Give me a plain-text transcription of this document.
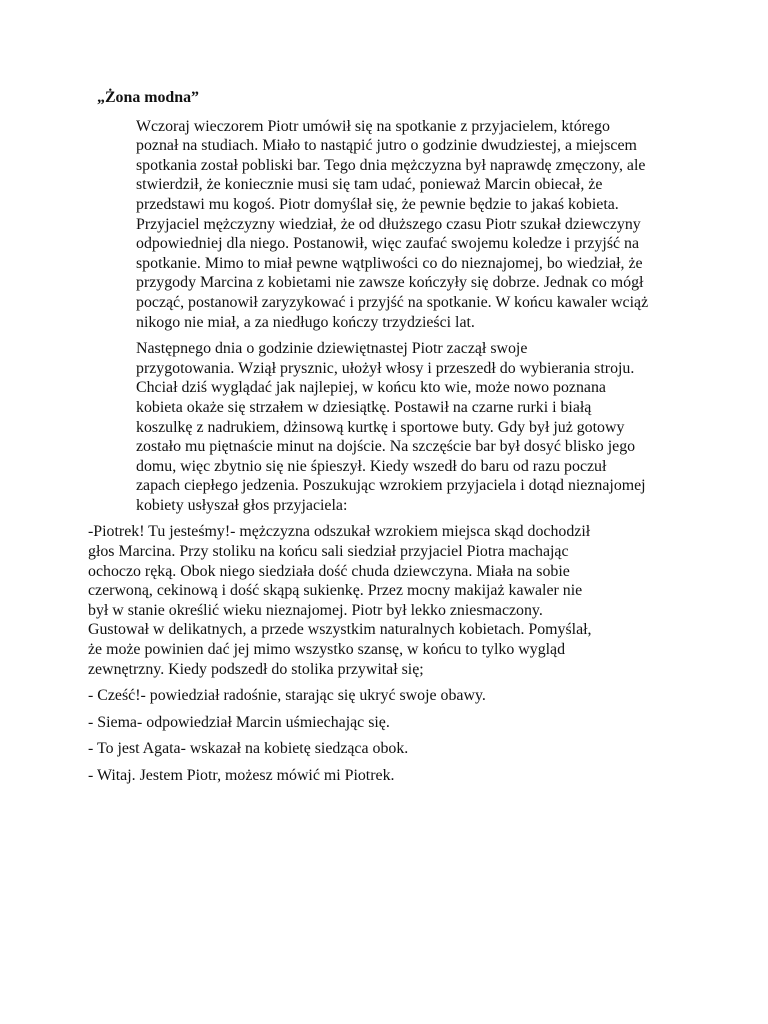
„Żona modna”
Wczoraj wieczorem Piotr umówił się na spotkanie z przyjacielem, którego
poznał na studiach. Miało to nastąpić jutro o godzinie dwudziestej, a miejscem
spotkania został pobliski bar. Tego dnia mężczyzna był naprawdę zmęczony, ale
stwierdził, że koniecznie musi się tam udać, ponieważ Marcin obiecał, że
przedstawi mu kogoś. Piotr domyślał się, że pewnie będzie to jakaś kobieta.
Przyjaciel mężczyzny wiedział, że od dłuższego czasu Piotr szukał dziewczyny
odpowiedniej dla niego. Postanowił, więc zaufać swojemu koledze i przyjść na
spotkanie. Mimo to miał pewne wątpliwości co do nieznajomej, bo wiedział, że
przygody Marcina z kobietami nie zawsze kończyły się dobrze. Jednak co mógł
począć, postanowił zaryzykować i przyjść na spotkanie. W końcu kawaler wciąż
nikogo nie miał, a za niedługo kończy trzydzieści lat.
Następnego dnia o godzinie dziewiętnastej Piotr zaczął swoje
przygotowania. Wziął prysznic, ułożył włosy i przeszedł do wybierania stroju.
Chciał dziś wyglądać jak najlepiej, w końcu kto wie, może nowo poznana
kobieta okaże się strzałem w dziesiątkę. Postawił na czarne rurki i białą
koszulkę z nadrukiem, dżinsową kurtkę i sportowe buty. Gdy był już gotowy
zostało mu piętnaście minut na dojście. Na szczęście bar był dosyć blisko jego
domu, więc zbytnio się nie śpieszył. Kiedy wszedł do baru od razu poczuł
zapach ciepłego jedzenia. Poszukując wzrokiem przyjaciela i dotąd nieznajomej
kobiety usłyszał głos przyjaciela:
-Piotrek! Tu jesteśmy!- mężczyzna odszukał wzrokiem miejsca skąd dochodził
głos Marcina. Przy stoliku na końcu sali siedział przyjaciel Piotra machając
ochoczo ręką. Obok niego siedziała dość chuda dziewczyna. Miała na sobie
czerwoną, cekinową i dość skąpą sukienkę. Przez mocny makijaż kawaler nie
był w stanie określić wieku nieznajomej. Piotr był lekko zniesmaczony.
Gustował w delikatnych, a przede wszystkim naturalnych kobietach. Pomyślał,
że może powinien dać jej mimo wszystko szansę, w końcu to tylko wygląd
zewnętrzny. Kiedy podszedł do stolika przywitał się;
- Cześć!- powiedział radośnie, starając się ukryć swoje obawy.
- Siema- odpowiedział Marcin uśmiechając się.
- To jest Agata- wskazał na kobietę siedząca obok.
- Witaj. Jestem Piotr, możesz mówić mi Piotrek.
